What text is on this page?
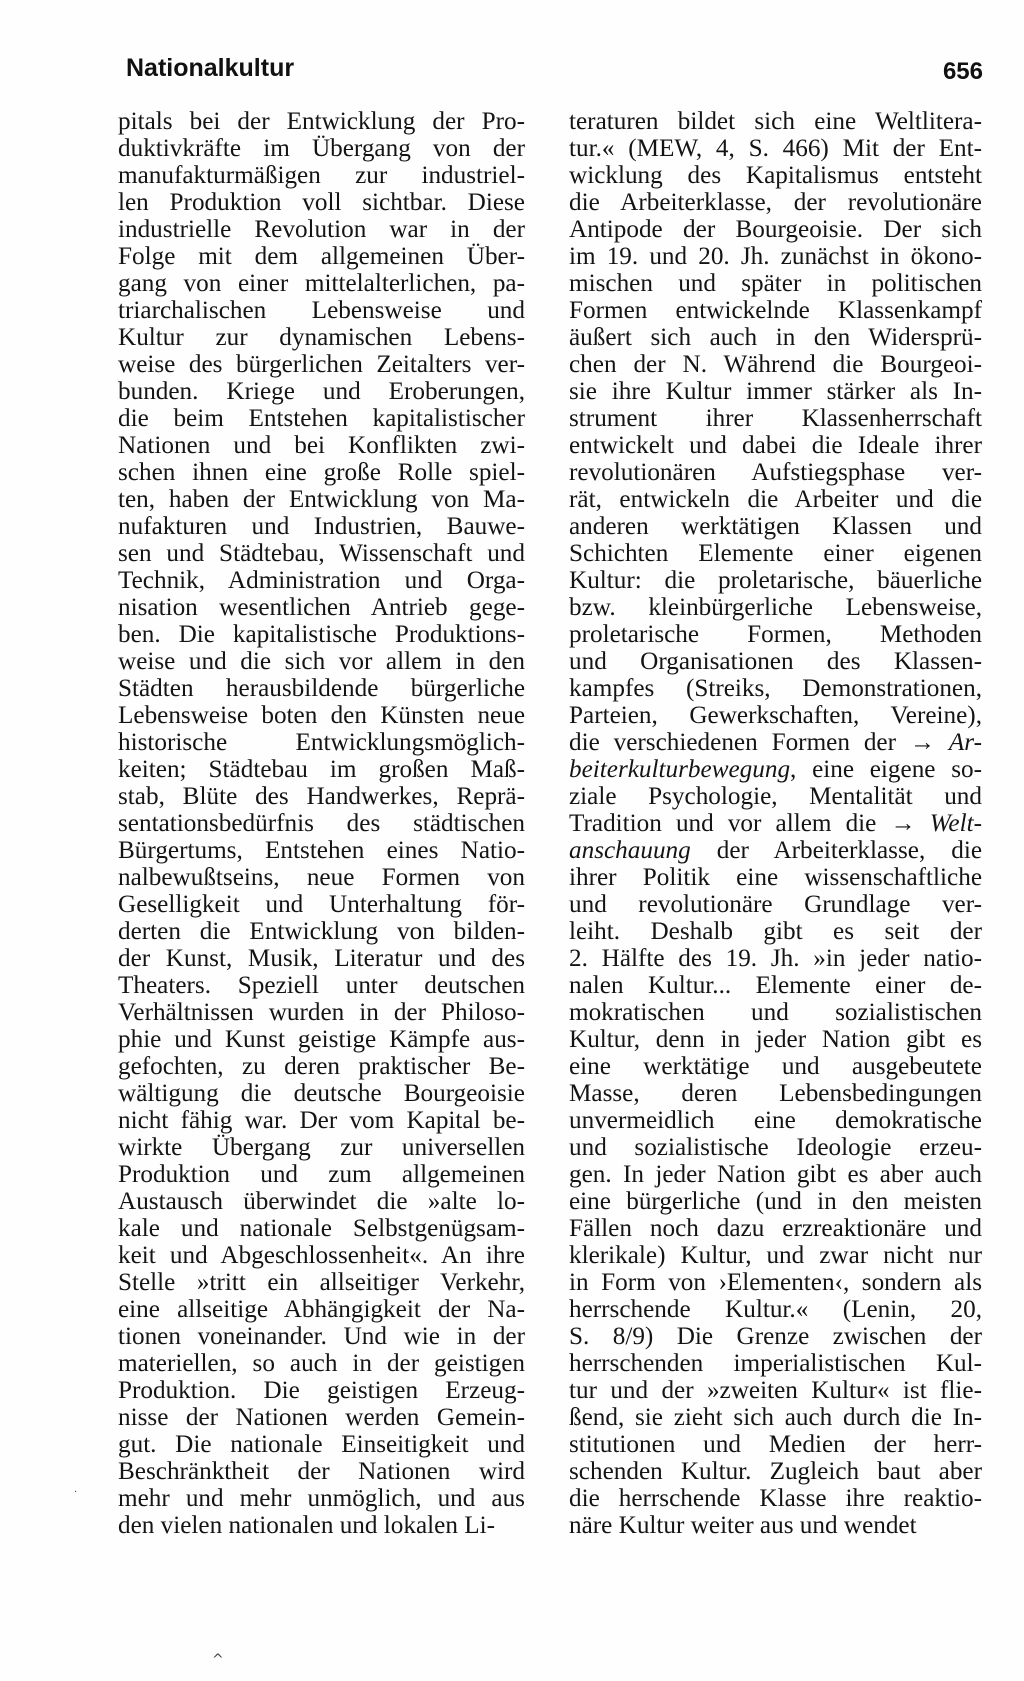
Nationalkultur	656
pitals bei der Entwicklung der Pro-
duktivkräfte im Übergang von der
manufakturmäßigen zur industriel-
len Produktion voll sichtbar. Diese
industrielle Revolution war in der
Folge mit dem allgemeinen Über-
gang von einer mittelalterlichen, pa-
triarchalischen Lebensweise und
Kultur zur dynamischen Lebens-
weise des bürgerlichen Zeitalters ver-
bunden. Kriege und Eroberungen,
die beim Entstehen kapitalistischer
Nationen und bei Konflikten zwi-
schen ihnen eine große Rolle spiel-
ten, haben der Entwicklung von Ma-
nufakturen und Industrien, Bauwe-
sen und Städtebau, Wissenschaft und
Technik, Administration und Orga-
nisation wesentlichen Antrieb gege-
ben. Die kapitalistische Produktions-
weise und die sich vor allem in den
Städten herausbildende bürgerliche
Lebensweise boten den Künsten neue
historische Entwicklungsmöglich-
keiten; Städtebau im großen Maß-
stab, Blüte des Handwerkes, Reprä-
sentationsbedürfnis des städtischen
Bürgertums, Entstehen eines Natio-
nalbewußtseins, neue Formen von
Geselligkeit und Unterhaltung för-
derten die Entwicklung von bilden-
der Kunst, Musik, Literatur und des
Theaters. Speziell unter deutschen
Verhältnissen wurden in der Philoso-
phie und Kunst geistige Kämpfe aus-
gefochten, zu deren praktischer Be-
wältigung die deutsche Bourgeoisie
nicht fähig war. Der vom Kapital be-
wirkte Übergang zur universellen
Produktion und zum allgemeinen
Austausch überwindet die »alte lo-
kale und nationale Selbstgenügsam-
keit und Abgeschlossenheit«. An ihre
Stelle »tritt ein allseitiger Verkehr,
eine allseitige Abhängigkeit der Na-
tionen voneinander. Und wie in der
materiellen, so auch in der geistigen
Produktion. Die geistigen Erzeug-
nisse der Nationen werden Gemein-
gut. Die nationale Einseitigkeit und
Beschränktheit der Nationen wird
mehr und mehr unmöglich, und aus
den vielen nationalen und lokalen Li-
teraturen bildet sich eine Weltlitera-
tur.« (MEW, 4, S. 466) Mit der Ent-
wicklung des Kapitalismus entsteht
die Arbeiterklasse, der revolutionäre
Antipode der Bourgeoisie. Der sich
im 19. und 20. Jh. zunächst in ökono-
mischen und später in politischen
Formen entwickelnde Klassenkampf
äußert sich auch in den Widersprü-
chen der N. Während die Bourgeoi-
sie ihre Kultur immer stärker als In-
strument ihrer Klassenherrschaft
entwickelt und dabei die Ideale ihrer
revolutionären Aufstiegsphase ver-
rät, entwickeln die Arbeiter und die
anderen werktätigen Klassen und
Schichten Elemente einer eigenen
Kultur: die proletarische, bäuerliche
bzw. kleinbürgerliche Lebensweise,
proletarische Formen, Methoden
und Organisationen des Klassen-
kampfes (Streiks, Demonstrationen,
Parteien, Gewerkschaften, Vereine),
die verschiedenen Formen der → Ar-
beiterkulturbewegung, eine eigene so-
ziale Psychologie, Mentalität und
Tradition und vor allem die → Welt-
anschauung der Arbeiterklasse, die
ihrer Politik eine wissenschaftliche
und revolutionäre Grundlage ver-
leiht. Deshalb gibt es seit der
2. Hälfte des 19. Jh. »in jeder natio-
nalen Kultur... Elemente einer de-
mokratischen und sozialistischen
Kultur, denn in jeder Nation gibt es
eine werktätige und ausgebeutete
Masse, deren Lebensbedingungen
unvermeidlich eine demokratische
und sozialistische Ideologie erzeu-
gen. In jeder Nation gibt es aber auch
eine bürgerliche (und in den meisten
Fällen noch dazu erzreaktionäre und
klerikale) Kultur, und zwar nicht nur
in Form von ›Elementen‹, sondern als
herrschende Kultur.« (Lenin, 20,
S. 8/9) Die Grenze zwischen der
herrschenden imperialistischen Kul-
tur und der »zweiten Kultur« ist flie-
ßend, sie zieht sich auch durch die In-
stitutionen und Medien der herr-
schenden Kultur. Zugleich baut aber
die herrschende Klasse ihre reaktio-
näre Kultur weiter aus und wendet
·
^
